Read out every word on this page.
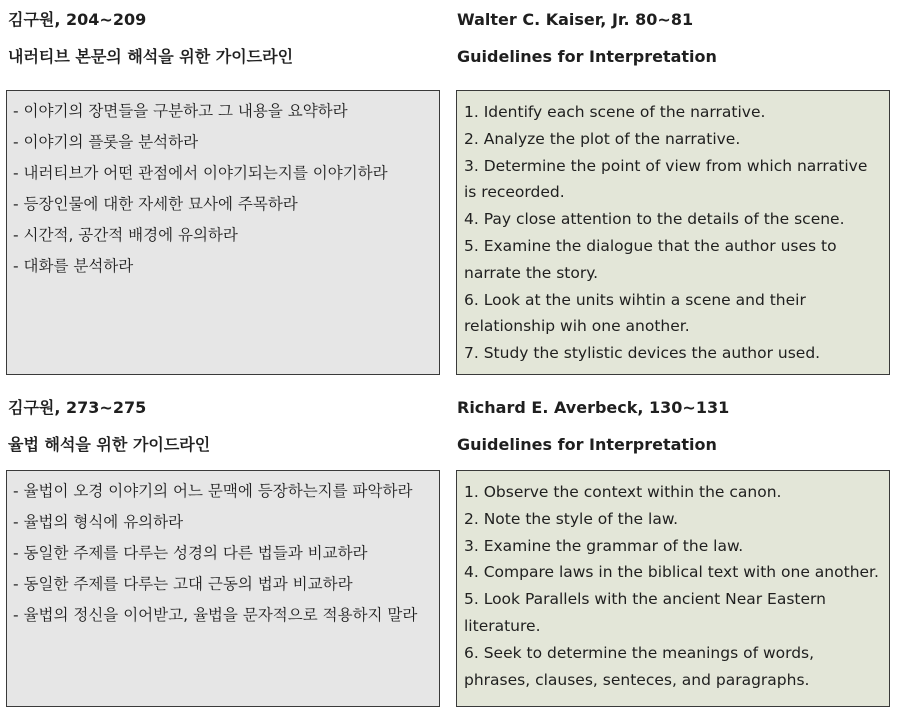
김구원, 204~209
내러티브 본문의 해석을 위한 가이드라인
Walter C. Kaiser, Jr. 80~81
Guidelines for Interpretation
- 이야기의 장면들을 구분하고 그 내용을 요약하라
- 이야기의 플롯을 분석하라
- 내러티브가 어떤 관점에서 이야기되는지를 이야기하라
- 등장인물에 대한 자세한 묘사에 주목하라
- 시간적, 공간적 배경에 유의하라
- 대화를 분석하라
1. Identify each scene of the narrative.
2. Analyze the plot of the narrative.
3. Determine the point of view from which narrative is receorded.
4. Pay close attention to the details of the scene.
5. Examine the dialogue that the author uses to narrate the story.
6. Look at the units wihtin a scene and their relationship wih one another.
7. Study the stylistic devices the author used.
김구원, 273~275
율법 해석을 위한 가이드라인
Richard E. Averbeck, 130~131
Guidelines for Interpretation
- 율법이 오경 이야기의 어느 문맥에 등장하는지를 파악하라
- 율법의 형식에 유의하라
- 동일한 주제를 다루는 성경의 다른 법들과 비교하라
- 동일한 주제를 다루는 고대 근동의 법과 비교하라
- 율법의 정신을 이어받고, 율법을 문자적으로 적용하지 말라
1. Observe the context within the canon.
2. Note the style of the law.
3. Examine the grammar of the law.
4. Compare laws in the biblical text with one another.
5. Look Parallels with the ancient Near Eastern literature.
6. Seek to determine the meanings of words, phrases, clauses, senteces, and paragraphs.
